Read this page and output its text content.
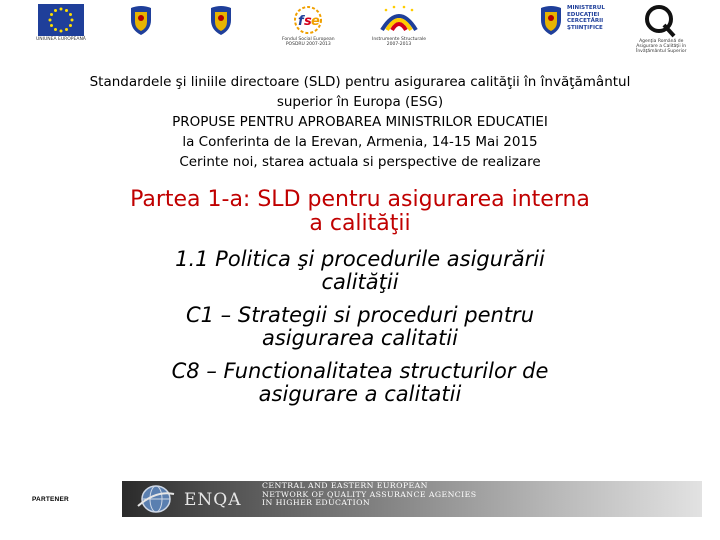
UNIUNEA EUROPEANĂ
f s e
Fondul Social European
POSDRU 2007-2013
Instrumente Structurale
2007-2013
MINISTERUL
EDUCAŢIEI
CERCETĂRII
ŞTIINŢIFICE
Agenţia Română de
Asigurare a Calităţii în
Învăţământul Superior
Standardele şi liniile directoare (SLD) pentru asigurarea calităţii în învăţământul
superior în Europa (ESG)
PROPUSE PENTRU APROBAREA MINISTRILOR EDUCATIEI
la Conferinta de la Erevan, Armenia, 14-15 Mai 2015
Cerinte noi, starea actuala si perspective de realizare
Partea 1-a: SLD pentru asigurarea interna
a calităţii
1.1 Politica şi procedurile asigurării
calităţii
C1 – Strategii si proceduri pentru
asigurarea calitatii
C8 – Functionalitatea structurilor de
asigurare a calitatii
PARTENER	ENQA
CENTRAL AND EASTERN EUROPEAN
NETWORK OF QUALITY ASSURANCE AGENCIES
IN HIGHER EDUCATION
